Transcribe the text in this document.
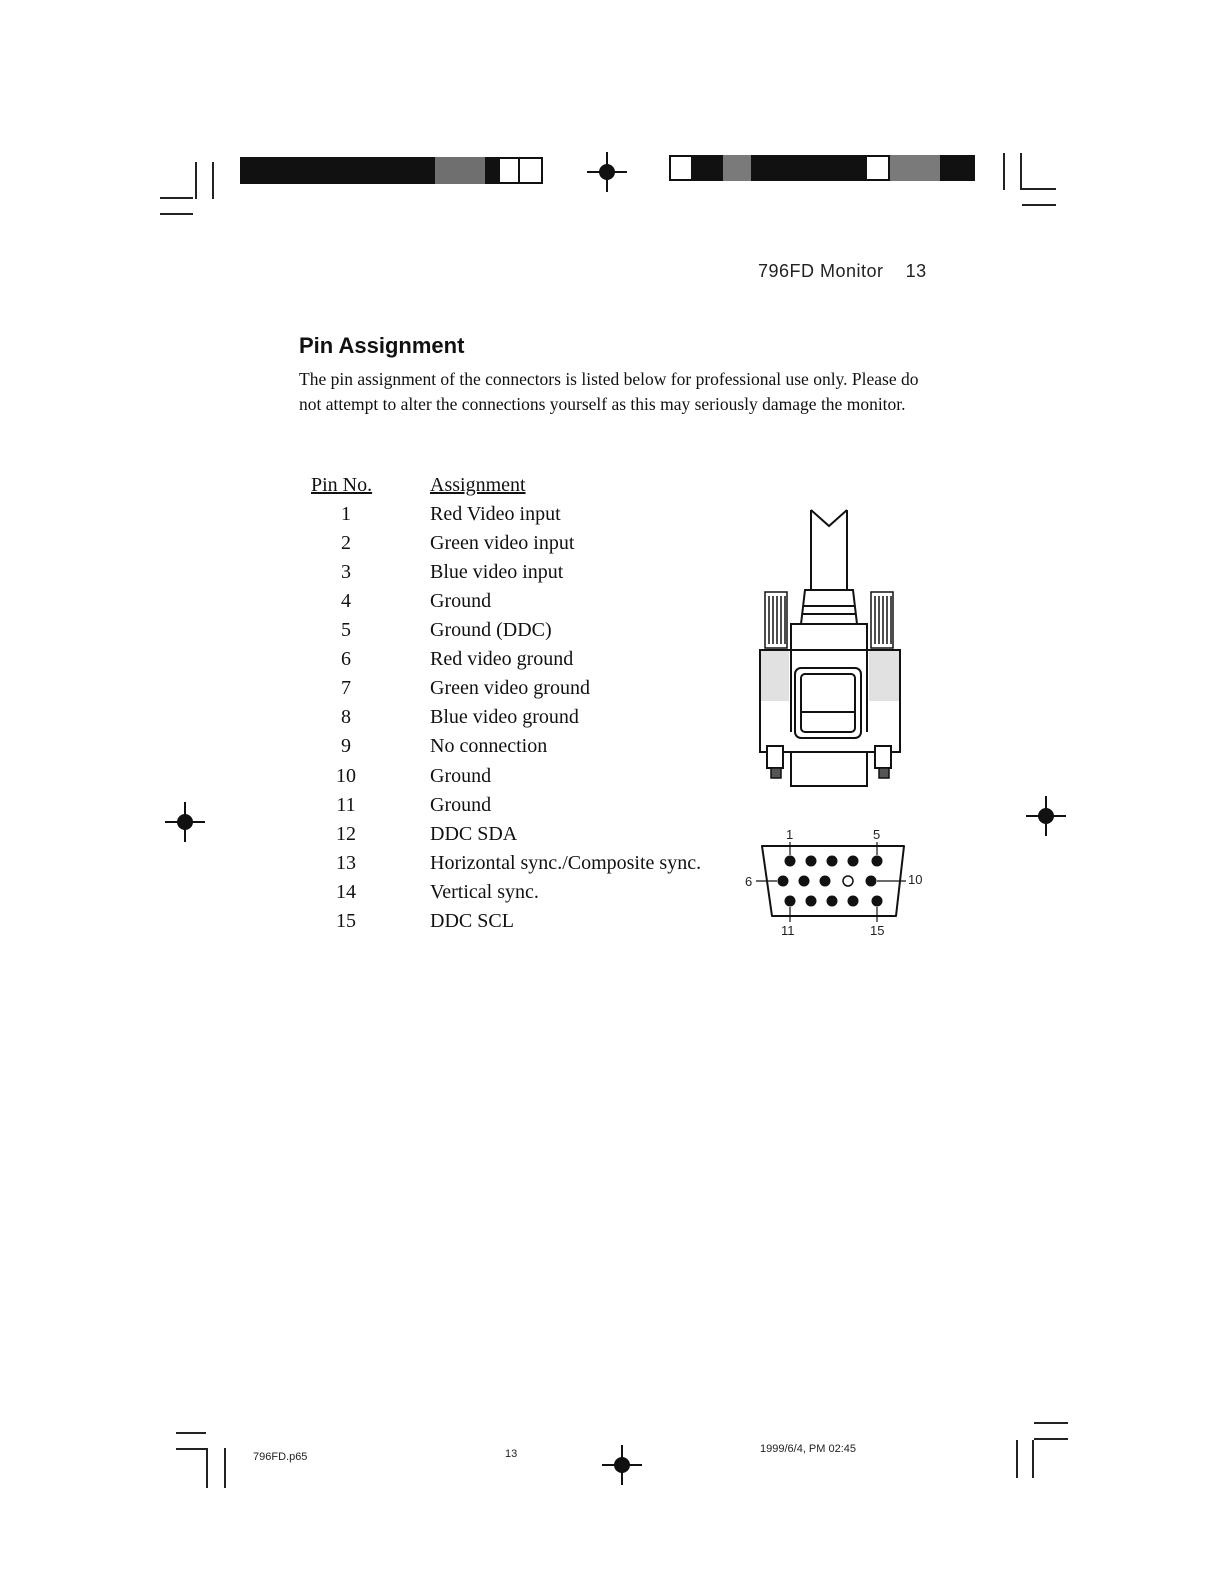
796FD Monitor 13
Pin Assignment
The pin assignment of the connectors is listed below for professional use only. Please do not attempt to alter the connections yourself as this may seriously damage the monitor.
Pin No.	Assignment
1	Red Video input
2	Green video input
3	Blue video input
4	Ground
5	Ground (DDC)
6	Red video ground
7	Green video ground
8	Blue video ground
9	No connection
10	Ground
11	Ground
12	DDC SDA
13	Horizontal sync./Composite sync.
14	Vertical sync.
15	DDC SCL
1	5
6	10
11	15
796FD.p65	13	1999/6/4, PM 02:45
